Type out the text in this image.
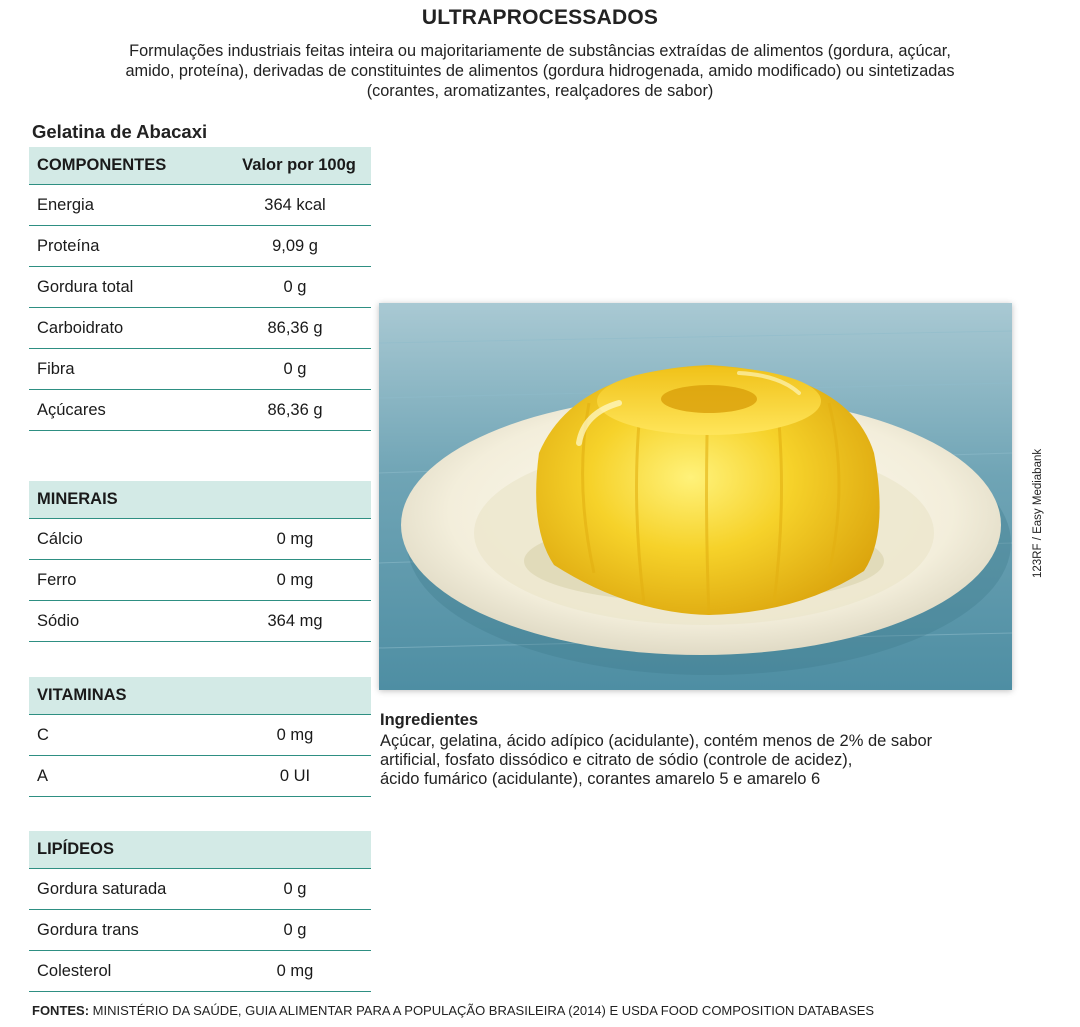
ULTRAPROCESSADOS
Formulações industriais feitas inteira ou majoritariamente de substâncias extraídas de alimentos (gordura, açúcar,
amido, proteína), derivadas de constituintes de alimentos (gordura hidrogenada, amido modificado) ou sintetizadas
(corantes, aromatizantes, realçadores de sabor)
Gelatina de Abacaxi
COMPONENTES	Valor por 100g
Energia	364 kcal
Proteína	9,09 g
Gordura total	0 g
Carboidrato	86,36 g
Fibra	0 g
Açúcares	86,36 g
MINERAIS
Cálcio	0 mg
Ferro	0 mg
Sódio	364 mg
VITAMINAS
C	0 mg
A	0 UI
LIPÍDEOS
Gordura saturada	0 g
Gordura trans	0 g
Colesterol	0 mg
123RF / Easy Mediabank
Ingredientes
Açúcar, gelatina, ácido adípico (acidulante), contém menos de 2% de sabor
artificial, fosfato dissódico e citrato de sódio (controle de acidez),
ácido fumárico (acidulante), corantes amarelo 5 e amarelo 6
FONTES: MINISTÉRIO DA SAÚDE, GUIA ALIMENTAR PARA A POPULAÇÃO BRASILEIRA (2014) E USDA FOOD COMPOSITION DATABASES
